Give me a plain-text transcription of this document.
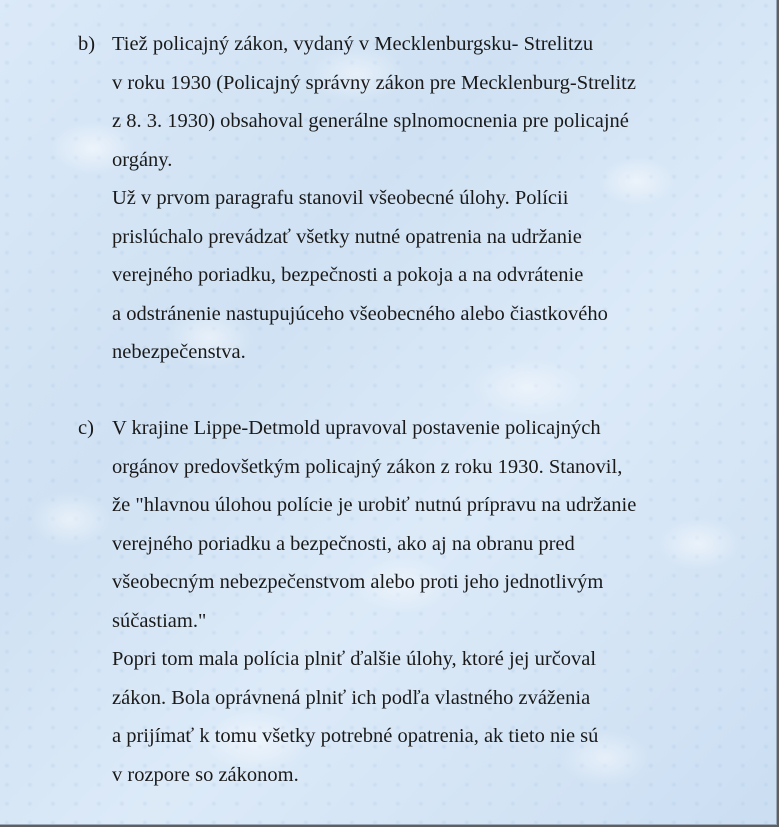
b) Tiež policajný zákon, vydaný v Mecklenburgsku- Strelitzu
v roku 1930 (Policajný správny zákon pre Mecklenburg-Strelitz
z 8. 3. 1930) obsahoval generálne splnomocnenia pre policajné
orgány.
Už v prvom paragrafu stanovil všeobecné úlohy. Polícii
prislúchalo prevádzať všetky nutné opatrenia na udržanie
verejného poriadku, bezpečnosti a pokoja a na odvrátenie
a odstránenie nastupujúceho všeobecného alebo čiastkového
nebezpečenstva.
c) V krajine Lippe-Detmold upravoval postavenie policajných
orgánov predovšetkým policajný zákon z roku 1930. Stanovil,
že "hlavnou úlohou polície je urobiť nutnú prípravu na udržanie
verejného poriadku a bezpečnosti, ako aj na obranu pred
všeobecným nebezpečenstvom alebo proti jeho jednotlivým
súčastiam."
Popri tom mala polícia plniť ďalšie úlohy, ktoré jej určoval
zákon. Bola oprávnená plniť ich podľa vlastného zváženia
a prijímať k tomu všetky potrebné opatrenia, ak tieto nie sú
v rozpore so zákonom.
